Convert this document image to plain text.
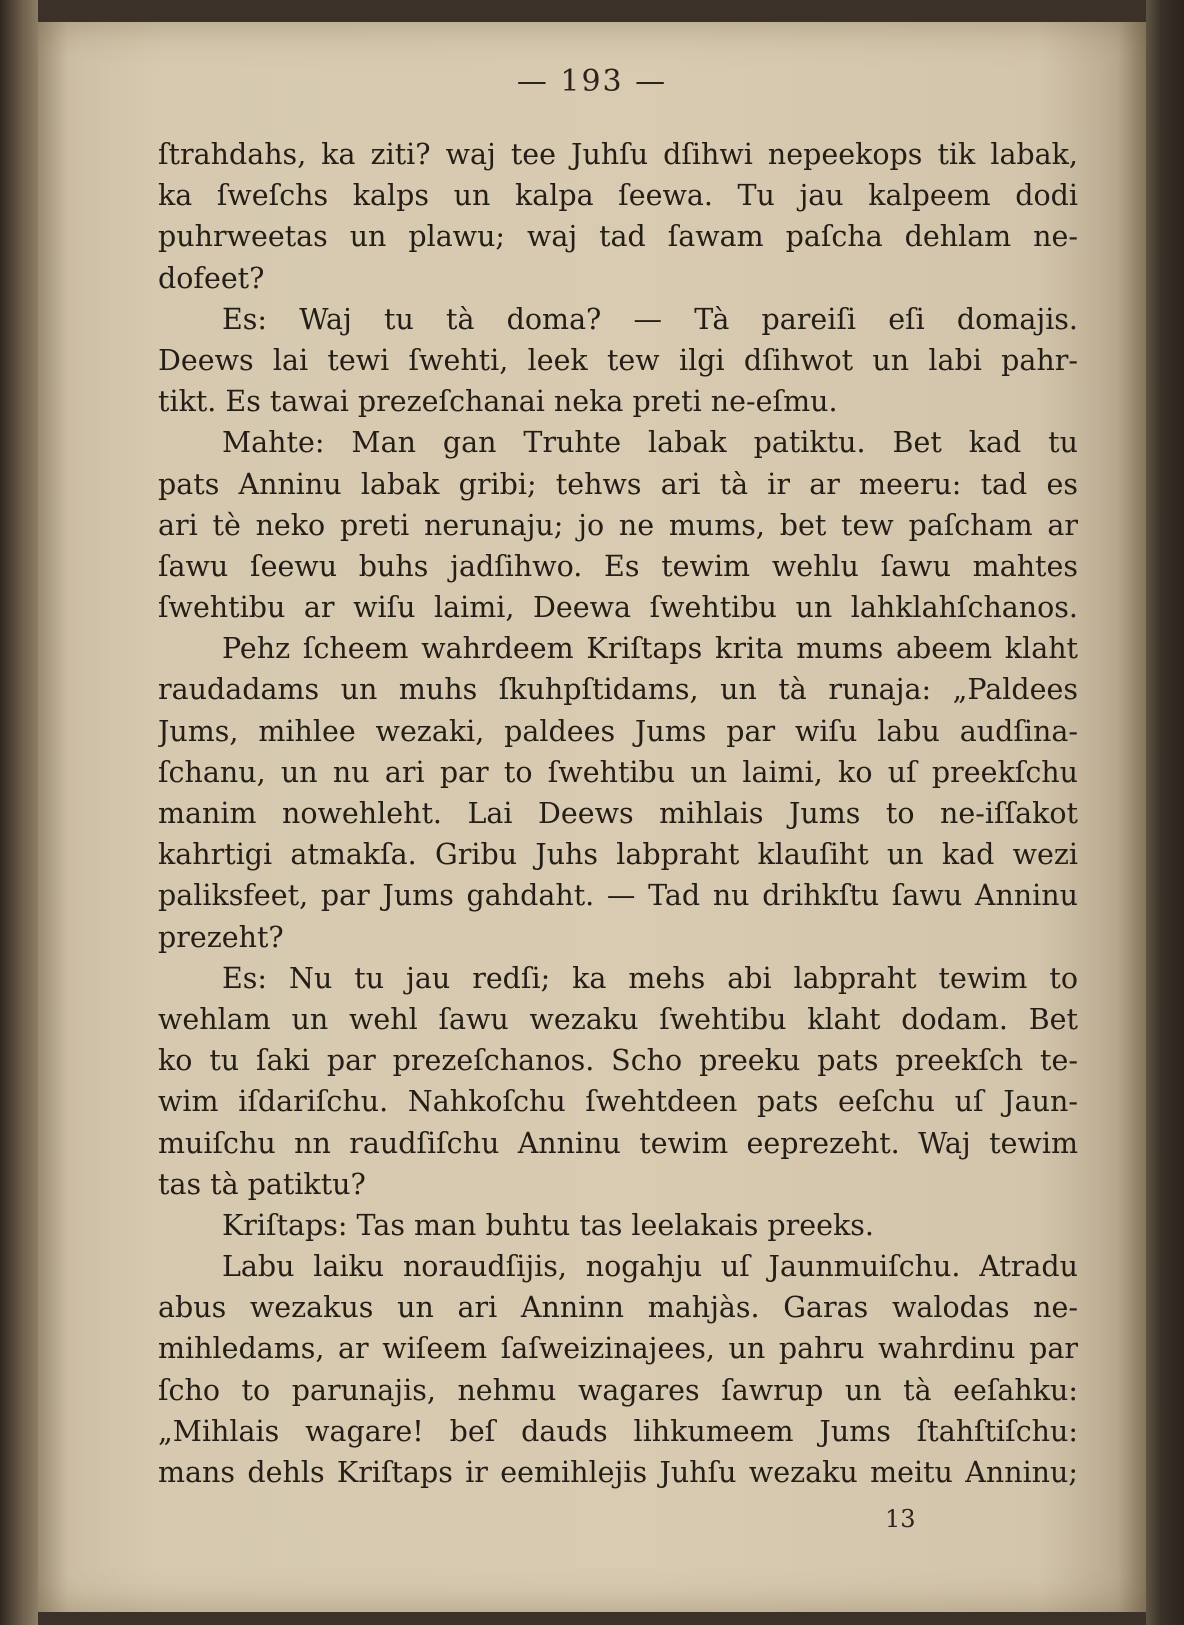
— 193 —
ſtrahdahs, ka ziti? waj tee Juhſu dſihwi nepeekops tik labak,
ka ſweſchs kalps un kalpa ſeewa. Tu jau kalpeem dodi
puhrweetas un plawu; waj tad ſawam paſcha dehlam ne-
dofeet?
Es: Waj tu tà doma? — Tà pareiſi eſi domajis.
Deews lai tewi ſwehti, leek tew ilgi dſihwot un labi pahr-
tikt. Es tawai prezeſchanai neka preti ne-eſmu.
Mahte: Man gan Truhte labak patiktu. Bet kad tu
pats Anninu labak gribi; tehws ari tà ir ar meeru: tad es
ari tè neko preti nerunaju; jo ne mums, bet tew paſcham ar
ſawu ſeewu buhs jadſihwo. Es tewim wehlu ſawu mahtes
ſwehtibu ar wiſu laimi, Deewa ſwehtibu un lahklahſchanos.
Pehz ſcheem wahrdeem Kriſtaps krita mums abeem klaht
raudadams un muhs ſkuhpſtidams, un tà runaja: „Paldees
Jums, mihlee wezaki, paldees Jums par wiſu labu audſina-
ſchanu, un nu ari par to ſwehtibu un laimi, ko uſ preekſchu
manim nowehleht. Lai Deews mihlais Jums to ne-iſſakot
kahrtigi atmakſa. Gribu Juhs labpraht klauſiht un kad wezi
paliksfeet, par Jums gahdaht. — Tad nu drihkſtu ſawu Anninu
prezeht?
Es: Nu tu jau redſi; ka mehs abi labpraht tewim to
wehlam un wehl ſawu wezaku ſwehtibu klaht dodam. Bet
ko tu ſaki par prezeſchanos. Scho preeku pats preekſch te-
wim iſdariſchu. Nahkoſchu ſwehtdeen pats eeſchu uſ Jaun-
muiſchu nn raudſiſchu Anninu tewim eeprezeht. Waj tewim
tas tà patiktu?
Kriſtaps: Tas man buhtu tas leelakais preeks.
Labu laiku noraudſijis, nogahju uſ Jaunmuiſchu. Atradu
abus wezakus un ari Anninn mahjàs. Garas walodas ne-
mihledams, ar wiſeem ſaſweizinajees, un pahru wahrdinu par
ſcho to parunajis, nehmu wagares ſawrup un tà eeſahku:
„Mihlais wagare! beſ dauds lihkumeem Jums ſtahſtiſchu:
mans dehls Kriſtaps ir eemihlejis Juhſu wezaku meitu Anninu;
13
